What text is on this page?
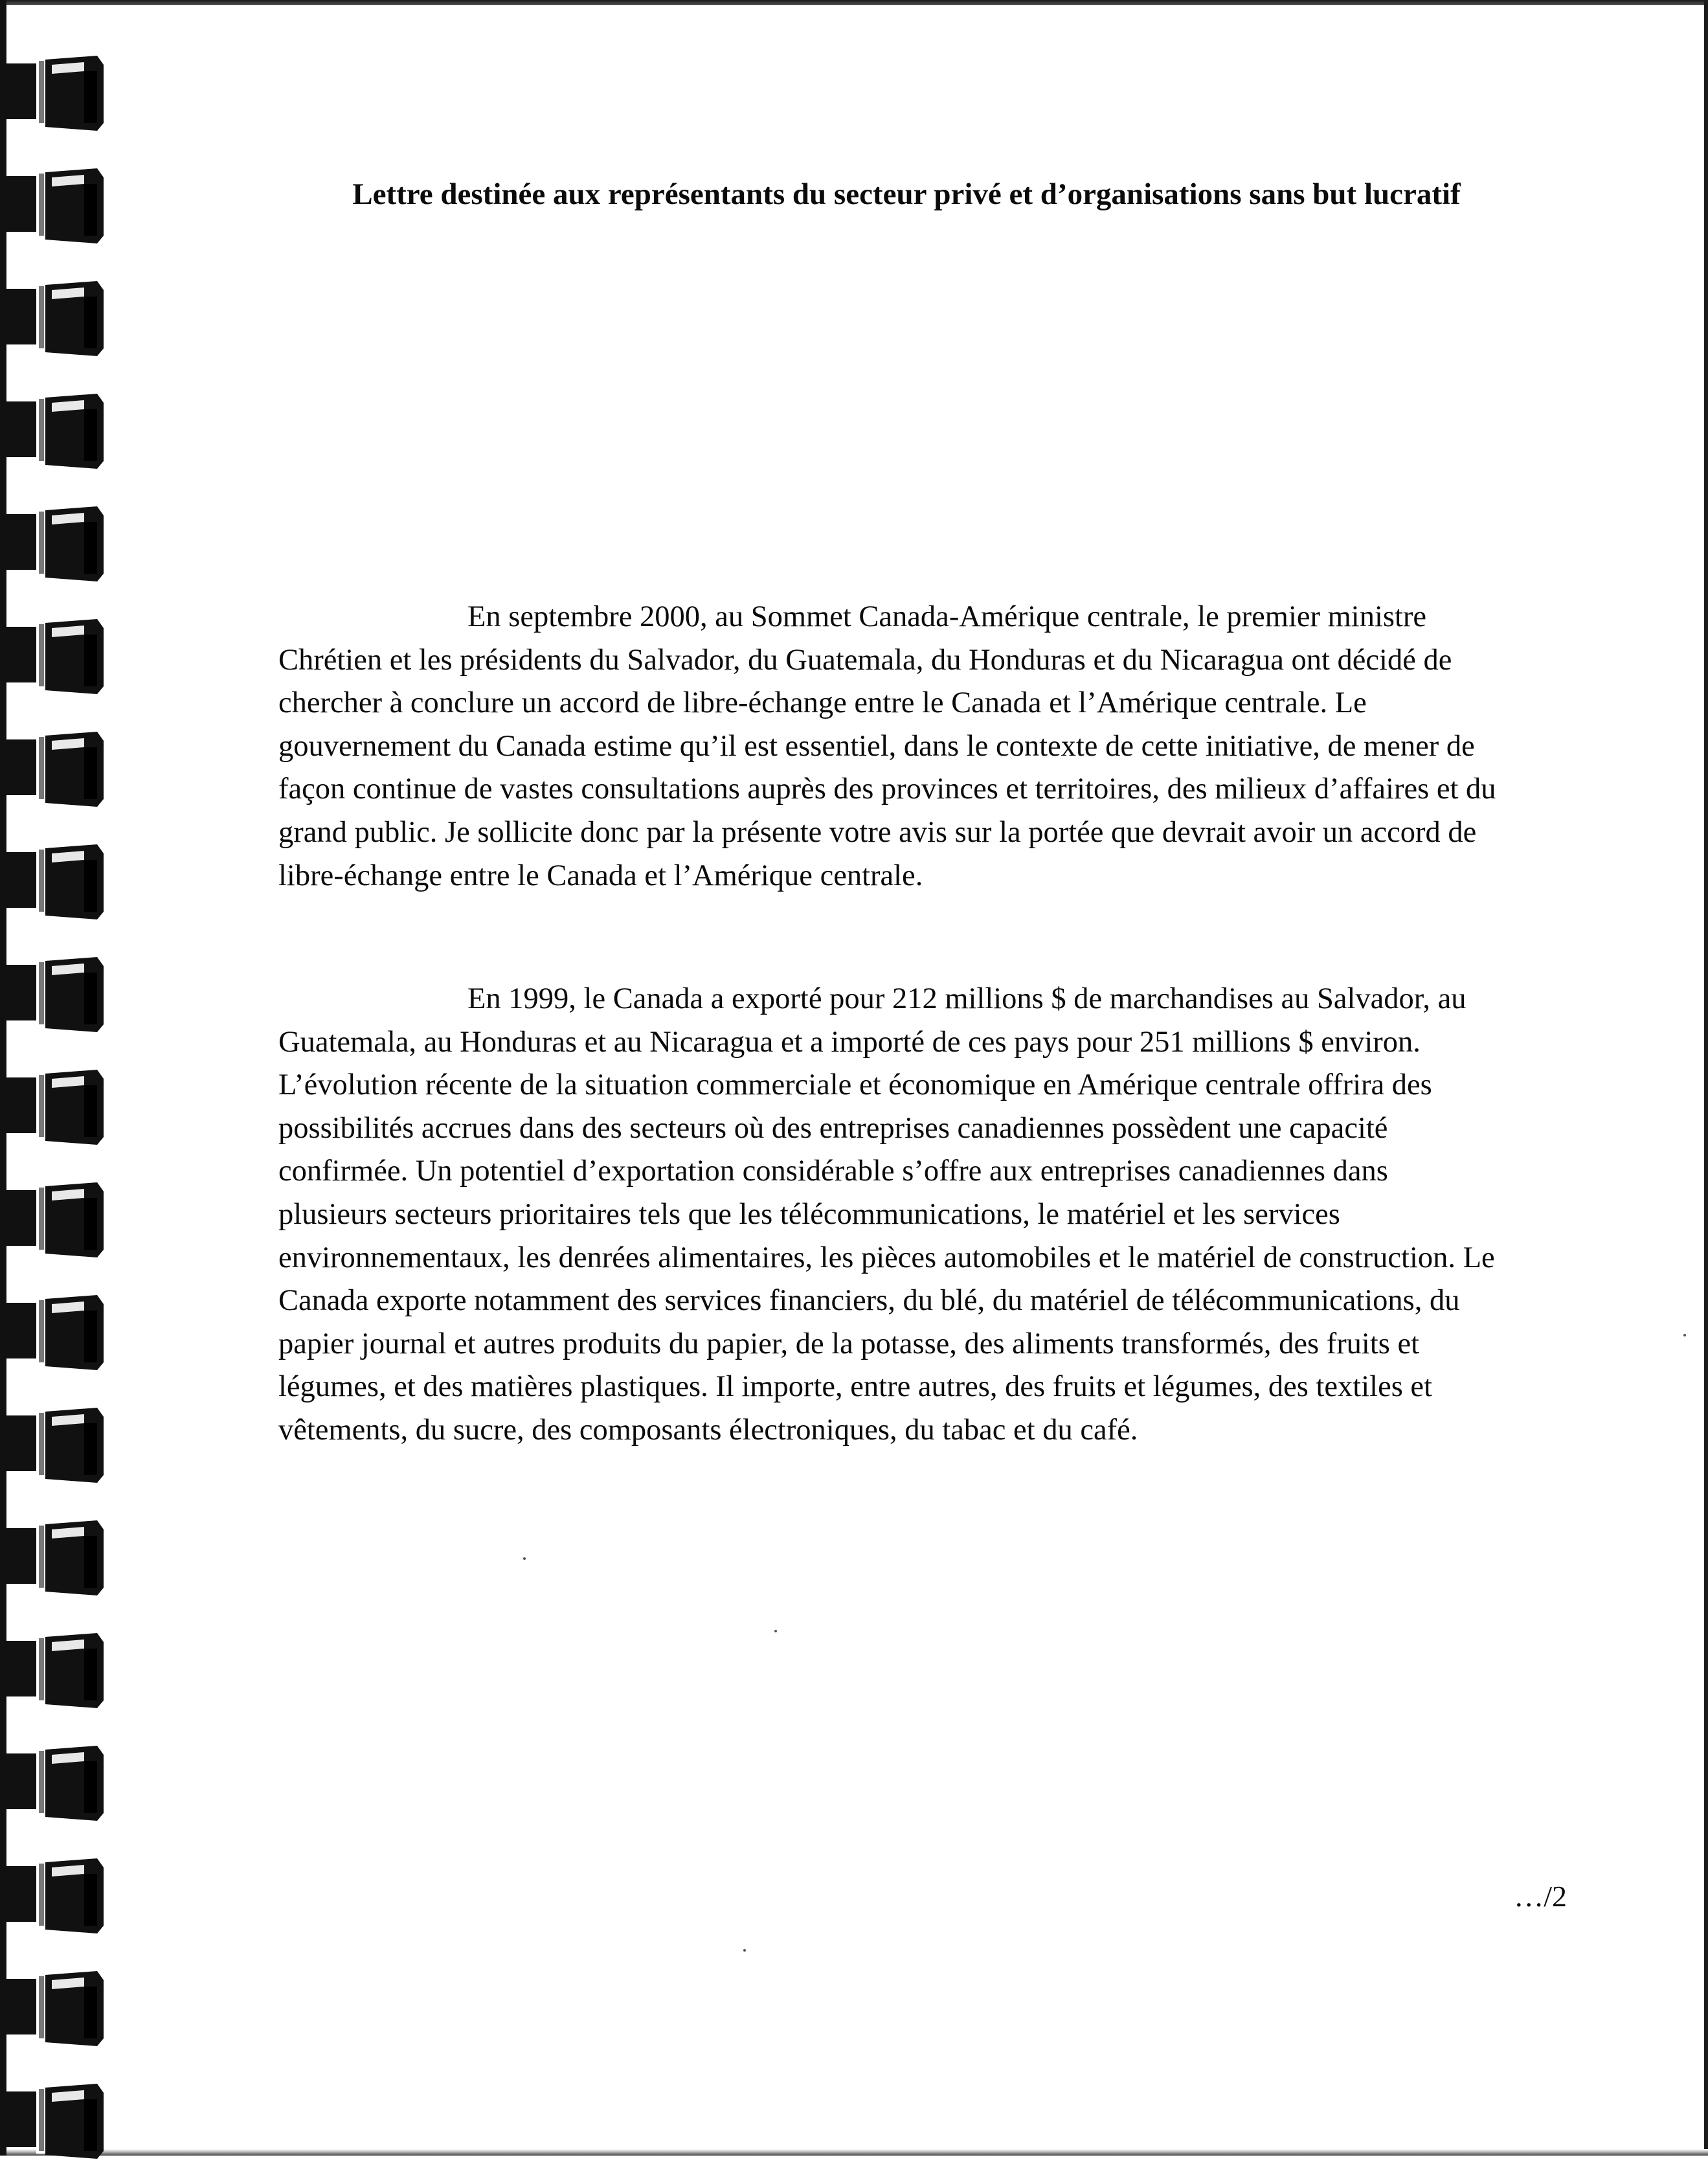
Lettre destinée aux représentants du secteur privé et d’organisations sans but lucratif
En septembre 2000, au Sommet Canada-Amérique centrale, le premier ministre Chrétien et les présidents du Salvador, du Guatemala, du Honduras et du Nicaragua ont décidé de chercher à conclure un accord de libre-échange entre le Canada et l’Amérique centrale. Le gouvernement du Canada estime qu’il est essentiel, dans le contexte de cette initiative, de mener de façon continue de vastes consultations auprès des provinces et territoires, des milieux d’affaires et du grand public. Je sollicite donc par la présente votre avis sur la portée que devrait avoir un accord de libre-échange entre le Canada et l’Amérique centrale.
En 1999, le Canada a exporté pour 212 millions $ de marchandises au Salvador, au Guatemala, au Honduras et au Nicaragua et a importé de ces pays pour 251 millions $ environ. L’évolution récente de la situation commerciale et économique en Amérique centrale offrira des possibilités accrues dans des secteurs où des entreprises canadiennes possèdent une capacité confirmée. Un potentiel d’exportation considérable s’offre aux entreprises canadiennes dans plusieurs secteurs prioritaires tels que les télécommunications, le matériel et les services environnementaux, les denrées alimentaires, les pièces automobiles et le matériel de construction. Le Canada exporte notamment des services financiers, du blé, du matériel de télécommunications, du papier journal et autres produits du papier, de la potasse, des aliments transformés, des fruits et légumes, et des matières plastiques. Il importe, entre autres, des fruits et légumes, des textiles et vêtements, du sucre, des composants électroniques, du tabac et du café.
…/2
